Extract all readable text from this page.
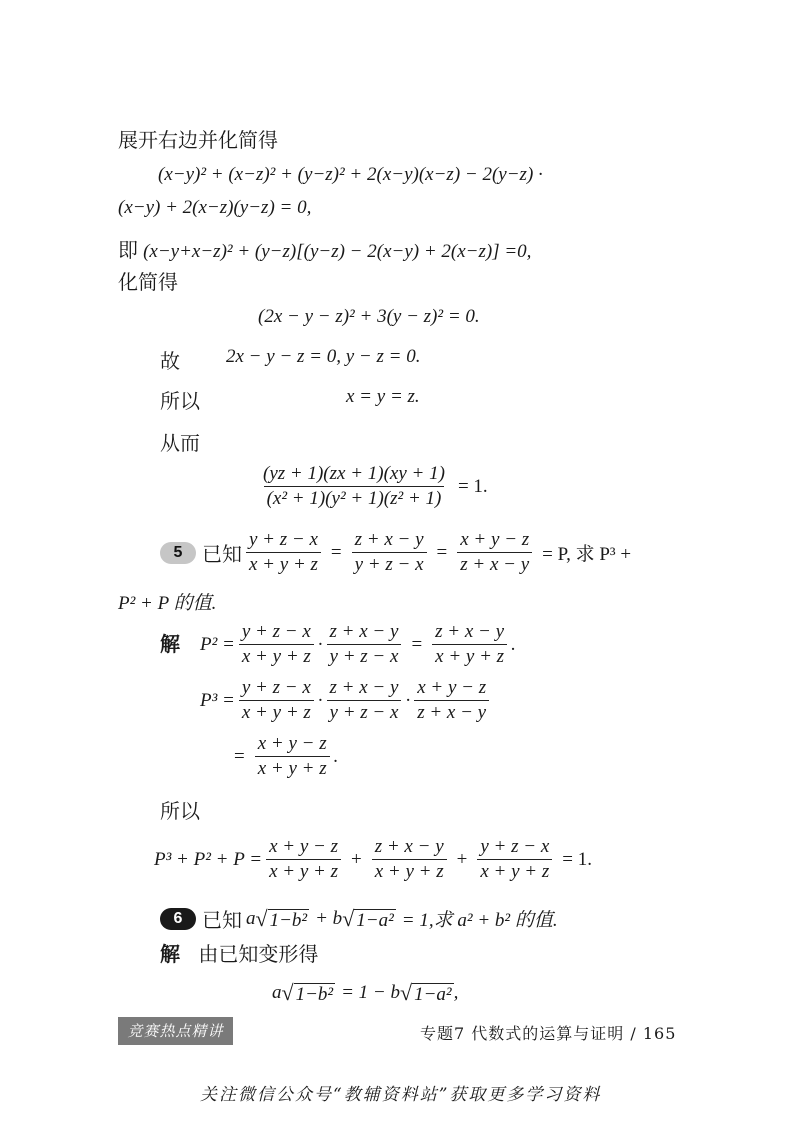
展开右边并化简得
(x−y)² + (x−z)² + (y−z)² + 2(x−y)(x−z) − 2(y−z) ·
(x−y) + 2(x−z)(y−z) = 0,
即 (x−y+x−z)² + (y−z)[(y−z) − 2(x−y) + 2(x−z)] =0,
化简得
(2x − y − z)² + 3(y − z)² = 0.
故 2x − y − z = 0, y − z = 0.
所以	x = y = z.
从而
$\frac{(yz + 1)(zx + 1)(xy + 1)}{\text{(x² + 1)(y² + 1)(z² + 1)}} = 1$.
5 已知 $\frac{y + z - x}{x + y + z} = \frac{z + x - y}{y + z - x} = \frac{x + y - z}{z + x - y} = P$, 求 P³ +
P² + P 的值.
解 $P^2 = \frac{y + z - x}{x + y + z} \cdot \frac{z + x - y}{y + z - x} = \frac{z + x - y}{x + y + z}$ .
$P^3 = \frac{y + z - x}{x + y + z} \cdot \frac{z + x - y}{y + z - x} \cdot \frac{x + y - z}{z + x - y}$
= $\frac{x + y - z}{x + y + z}$ .
所以
$P^3 + P^2 + P = \frac{x + y - z}{x + y + z} + \frac{z + x - y}{x + y + z} + \frac{y + z - x}{x + y + z} = 1$.
6 已知 a √ 1−b² + b √ 1−a² = 1,求 a² + b² 的值.
解 由已知变形得
a √ 1−b² = 1 − b √ 1−a² ,
竞赛热点精讲	专题7 代数式的运算与证明 / 165
关注微信公众号“教辅资料站”获取更多学习资料
